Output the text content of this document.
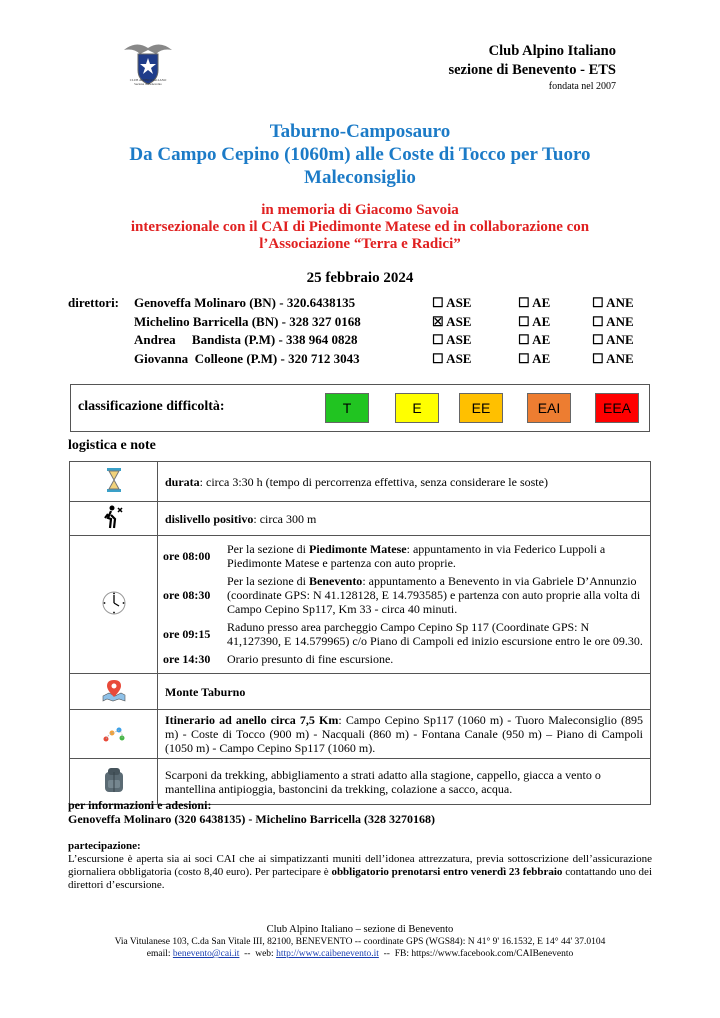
CLUB ALPINO ITALIANO
Sezione di Benevento
Club Alpino Italiano
sezione di Benevento - ETS
fondata nel 2007
Taburno-Camposauro
Da Campo Cepino (1060m) alle Coste di Tocco per Tuoro
Maleconsiglio
in memoria di Giacomo Savoia
intersezionale con il CAI di Piedimonte Matese ed in collaborazione con
l’Associazione “Terra e Radici”
25 febbraio 2024
direttori: Genoveffa Molinaro (BN) - 320.6438135	☐ ASE	☐ AE	☐ ANE
Michelino Barricella (BN) - 328 327 0168	☒ ASE	☐ AE	☐ ANE
Andrea     Bandista (P.M) - 338 964 0828	☐ ASE	☐ AE	☐ ANE
Giovanna  Colleone (P.M) - 320 712 3043	☐ ASE	☐ AE	☐ ANE
classificazione difficoltà:	T	E	EE	EAI	EEA
logistica e note
	durata: circa 3:30 h (tempo di percorrenza effettiva, senza considerare le soste)
	dislivello positivo: circa 300 m

ore 08:00	Per la sezione di Piedimonte Matese: appuntamento in via Federico Luppoli a Piedimonte Matese e partenza con auto proprie.
ore 08:30	Per la sezione di Benevento: appuntamento a Benevento in via Gabriele D’Annunzio (coordinate GPS: N 41.128128, E 14.793585) e partenza con auto proprie alla volta di Campo Cepino Sp117, Km 33 - circa 40 minuti.
ore 09:15	Raduno presso area parcheggio Campo Cepino Sp 117 (Coordinate GPS: N 41,127390, E 14.579965) c/o Piano di Campoli ed inizio escursione entro le ore 09.30.
ore 14:30	Orario presunto di fine escursione.

	Monte Taburno
	Itinerario ad anello circa 7,5 Km: Campo Cepino Sp117 (1060 m) - Tuoro Maleconsiglio (895 m) - Coste di Tocco (900 m) - Nacquali (860 m) - Fontana Canale (950 m) – Piano di Campoli (1050 m) - Campo Cepino Sp117 (1060 m).
	Scarponi da trekking, abbigliamento a strati adatto alla stagione, cappello, giacca a vento o mantellina antipioggia, bastoncini da trekking, colazione a sacco, acqua.
per informazioni e adesioni:
Genoveffa Molinaro (320 6438135) - Michelino Barricella (328 3270168)
partecipazione:
L’escursione è aperta sia ai soci CAI che ai simpatizzanti muniti dell’idonea attrezzatura, previa sottoscrizione dell’assicurazione giornaliera obbligatoria (costo 8,40 euro). Per partecipare è obbligatorio prenotarsi entro venerdì 23 febbraio contattando uno dei direttori d’escursione.
Club Alpino Italiano – sezione di Benevento
Via Vitulanese 103, C.da San Vitale III, 82100, BENEVENTO -- coordinate GPS (WGS84): N 41° 9' 16.1532, E 14° 44' 37.0104
email: benevento@cai.it  --  web: http://www.caibenevento.it  --  FB: https://www.facebook.com/CAIBenevento
